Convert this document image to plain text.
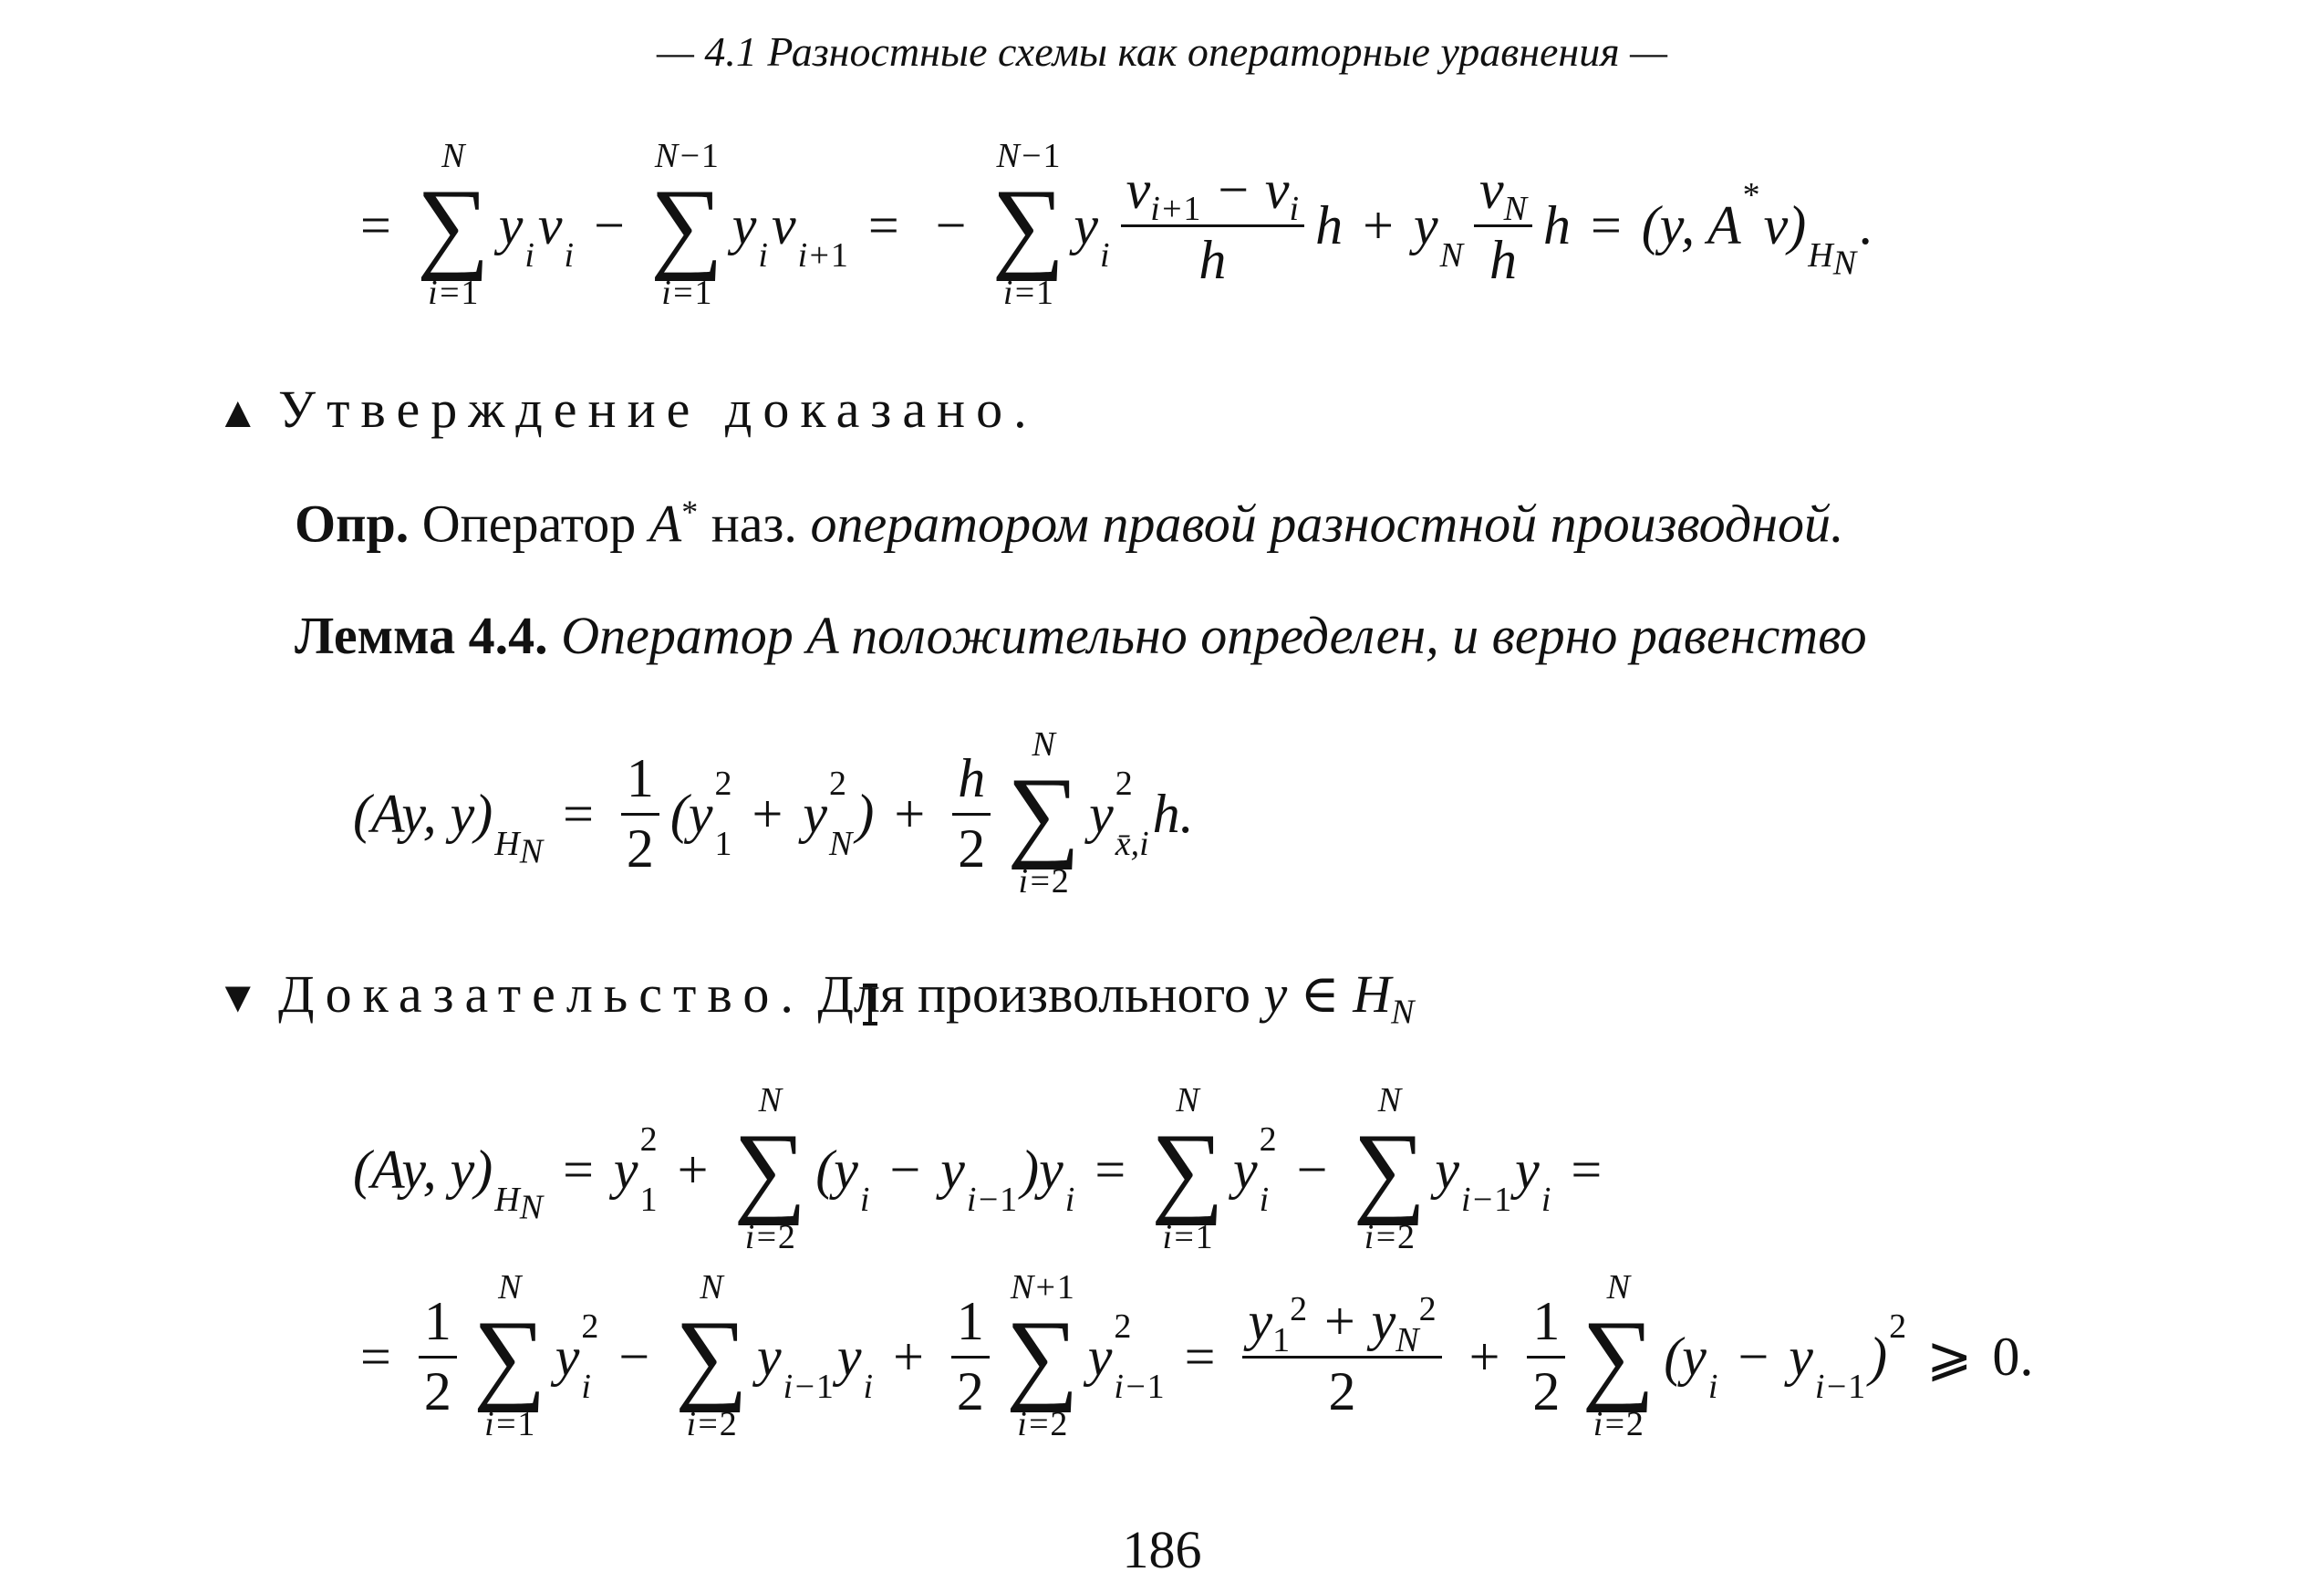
— 4.1 Разностные схемы как операторные уравнения —
=
N
∑
i=1
y
i v
i −
N−1
∑
i=1
y
i v
i+1 = −
N−1
∑
i=1
y
i $\frac{v_{i+1} - v_i}{h}$ h + y
N $\frac{v_N}{h}$ h = (y, A *
v)
$H_N$
.
▲ Утверждение доказано.
Опр. Оператор A* наз. оператором правой разностной производной.
Лемма 4.4. Оператор A положительно определен, и верно равенство
(Ay, y)
$H_N$
= $\frac{1}{2} (y$ 2
1 + y 2
N ) + $\frac{h}{2}$
N
∑
i=2
y 2
x̄,i h.
▼ Доказательство. Для произвольного y ∈ $H_N$
(Ay, y)
$H_N$
= y 2
1 +
N
∑
i=2
(y
i − y
i−1 )y
i =
N
∑
i=1
y 2
i −
N
∑
i=2
y
i−1 y
i =
= $\frac{1}{2}$
N
∑
i=1
y 2
i −
N
∑
i=2
y
i−1 y
$i + \frac{1}{2}$
N+1
∑
i=2
y 2
$i-1 = \frac{y_1^2 + y_N^2}{2} + \frac{1}{2}$
N
∑
i=2
(y
i − y
i−1 ) 2
⩾ 0.
186
